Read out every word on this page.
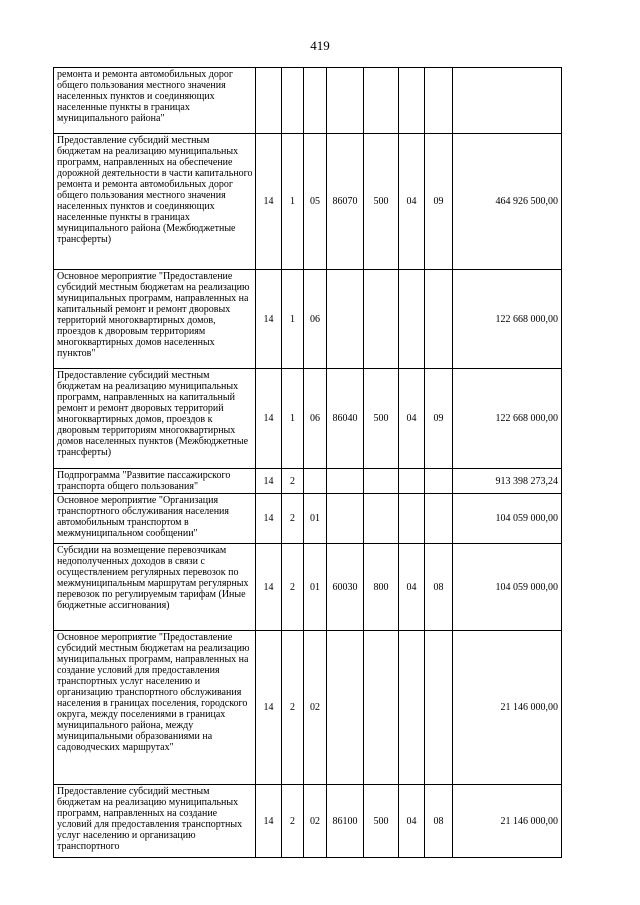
419
ремонта и ремонта автомобильных дорог общего пользования местного значения населенных пунктов и соединяющих населенные пункты в границах муниципального района"								
Предоставление субсидий местным бюджетам на реализацию муниципальных программ, направленных на обеспечение дорожной деятельности в части капитального ремонта и ремонта автомобильных дорог общего пользования местного значения населенных пунктов и соединяющих населенные пункты в границах муниципального района (Межбюджетные трансферты)	14	1	05	86070	500	04	09	464 926 500,00
Основное мероприятие "Предоставление субсидий местным бюджетам на реализацию муниципальных программ, направленных на капитальный ремонт и ремонт дворовых территорий многоквартирных домов, проездов к дворовым территориям многоквартирных домов населенных пунктов"	14	1	06					122 668 000,00
Предоставление субсидий местным бюджетам на реализацию муниципальных программ, направленных на капитальный ремонт и ремонт дворовых территорий многоквартирных домов, проездов к дворовым территориям многоквартирных домов населенных пунктов (Межбюджетные трансферты)	14	1	06	86040	500	04	09	122 668 000,00
Подпрограмма "Развитие пассажирского транспорта общего пользования"	14	2						913 398 273,24
Основное мероприятие "Организация транспортного обслуживания населения автомобильным транспортом в межмуниципальном сообщении"	14	2	01					104 059 000,00
Субсидии на возмещение перевозчикам недополученных доходов в связи с осуществлением регулярных перевозок по межмуниципальным маршрутам регулярных перевозок по регулируемым тарифам (Иные бюджетные ассигнования)	14	2	01	60030	800	04	08	104 059 000,00
Основное мероприятие "Предоставление субсидий местным бюджетам на реализацию муниципальных программ, направленных на создание условий для предоставления транспортных услуг населению и организацию транспортного обслуживания населения в границах поселения, городского округа, между поселениями в границах муниципального района, между муниципальными образованиями на садоводческих маршрутах"	14	2	02					21 146 000,00
Предоставление субсидий местным бюджетам на реализацию муниципальных программ, направленных на создание условий для предоставления транспортных услуг населению и организацию транспортного	14	2	02	86100	500	04	08	21 146 000,00
